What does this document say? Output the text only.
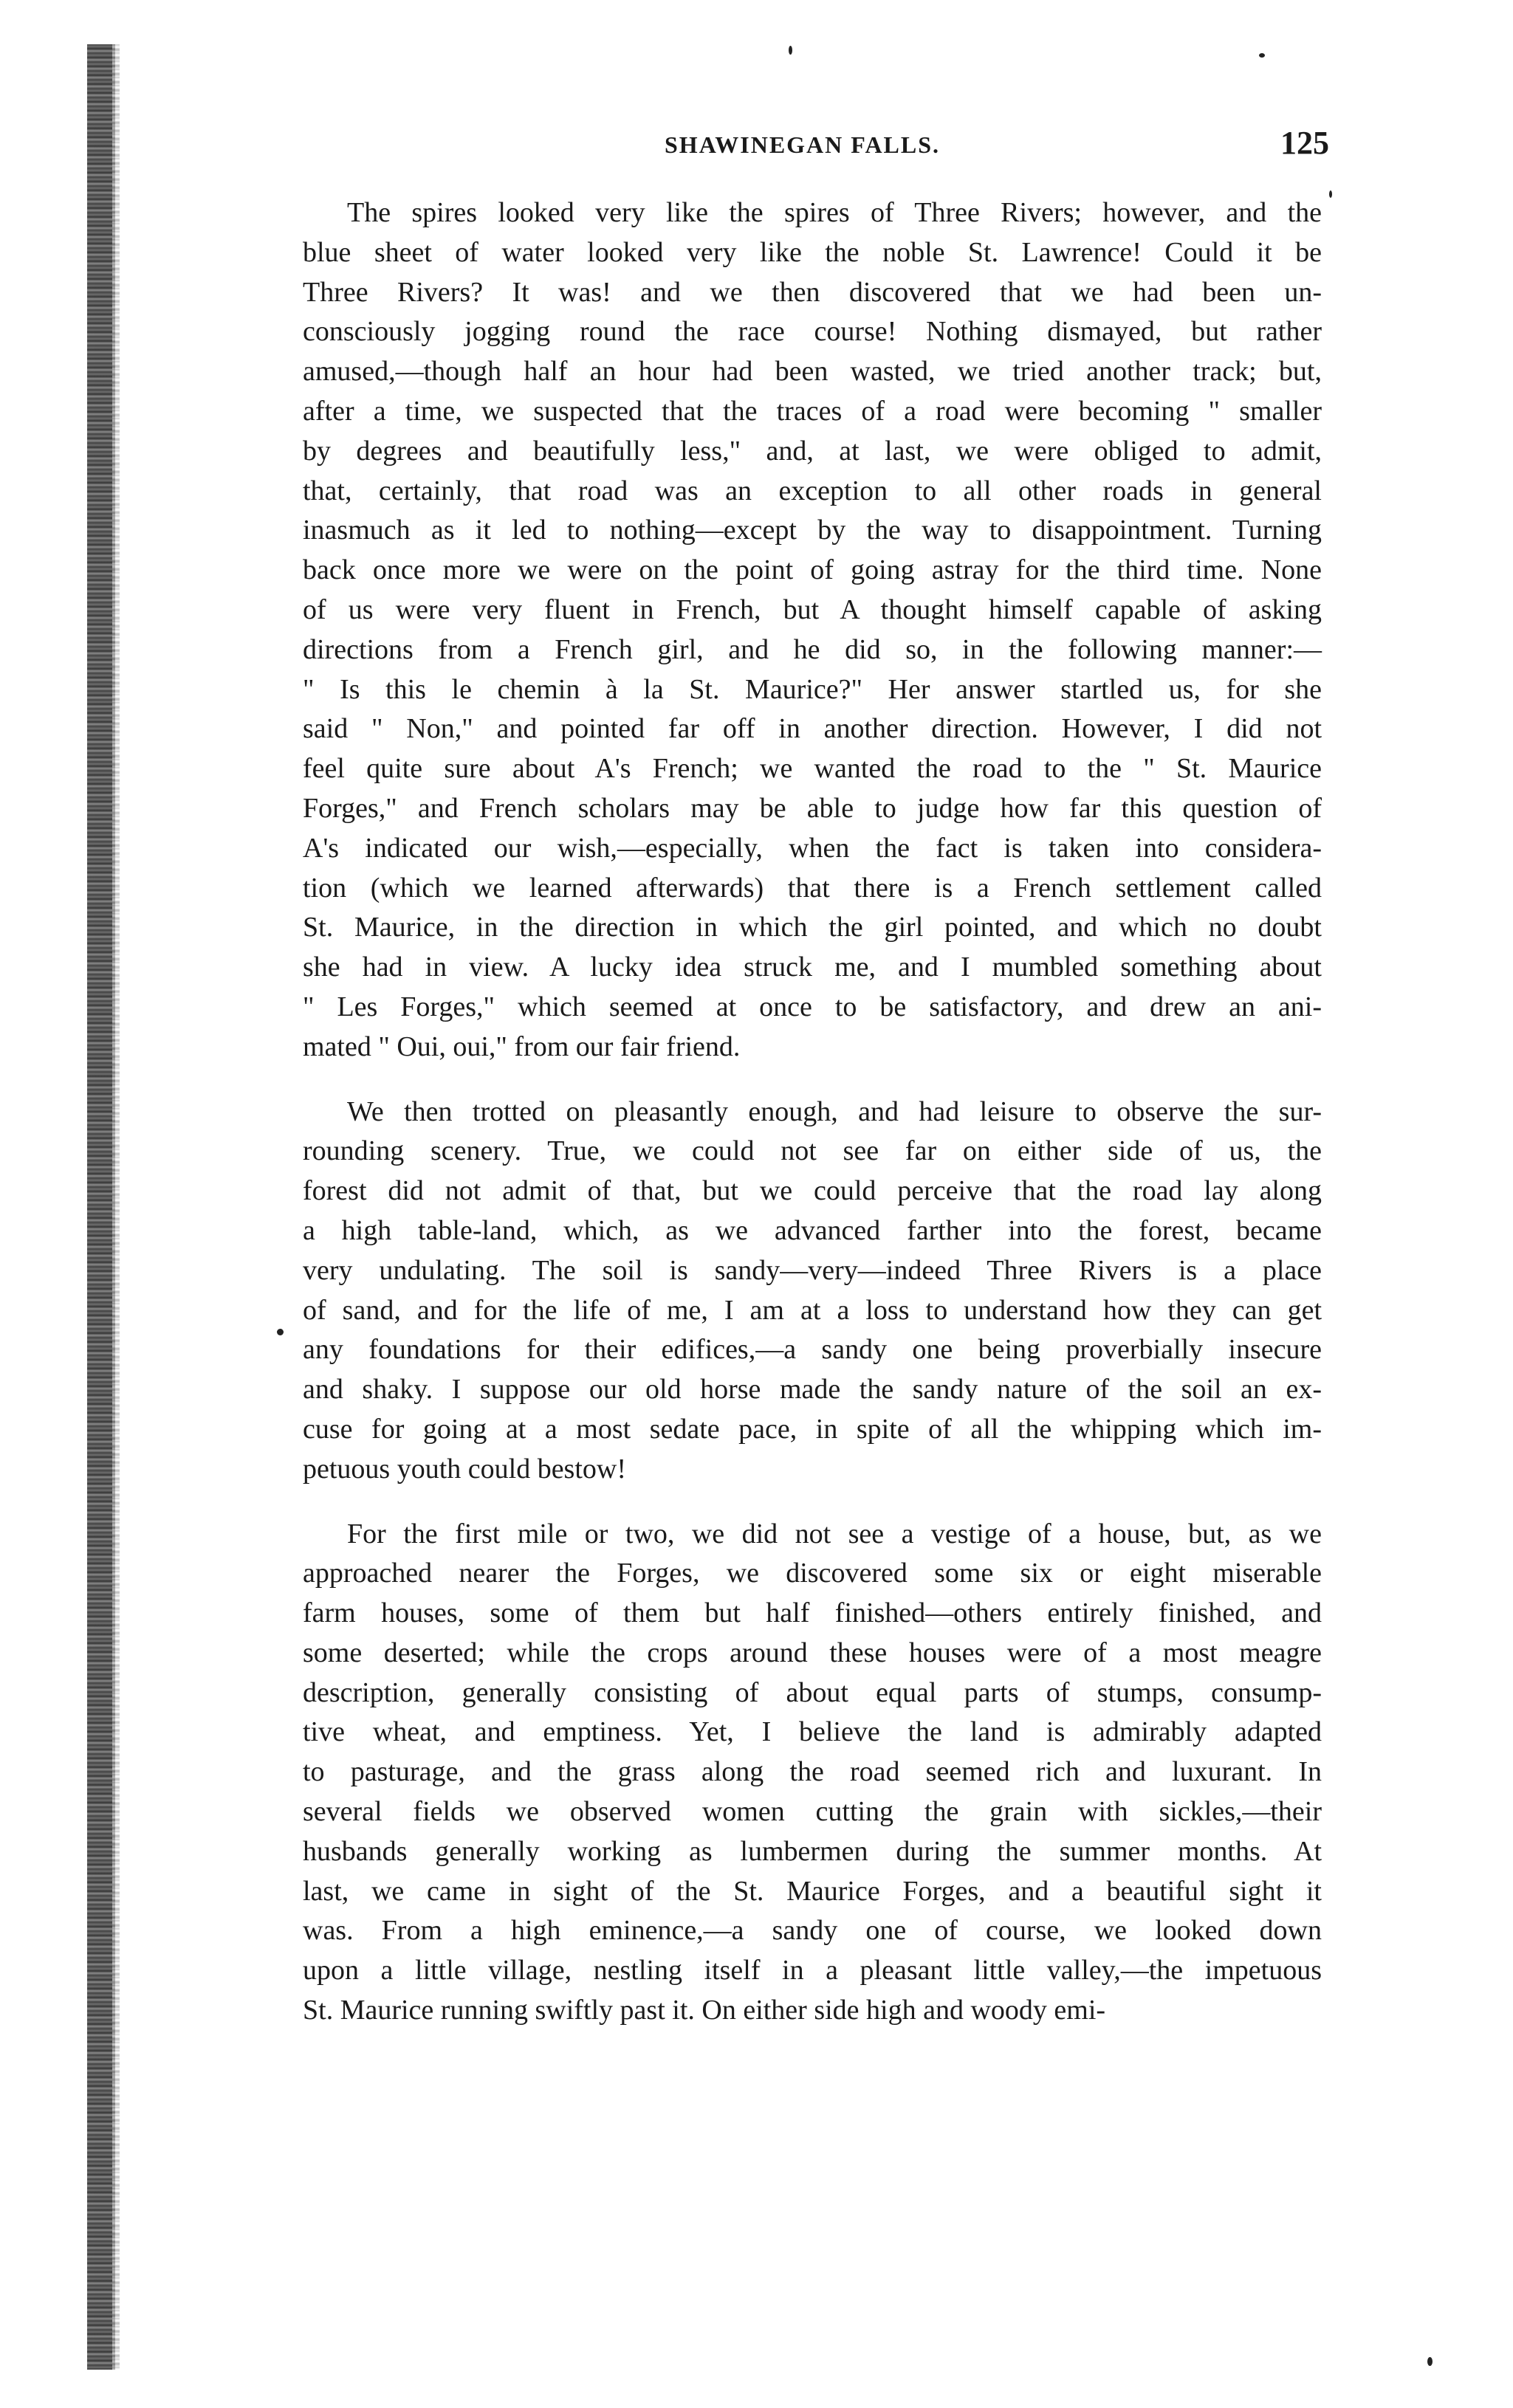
SHAWINEGAN FALLS.	125
The spires looked very like the spires of Three Rivers; however, and the
blue sheet of water looked very like the noble St. Lawrence! Could it be
Three Rivers? It was! and we then discovered that we had been un-
consciously jogging round the race course! Nothing dismayed, but rather
amused,—though half an hour had been wasted, we tried another track; but,
after a time, we suspected that the traces of a road were becoming " smaller
by degrees and beautifully less," and, at last, we were obliged to admit,
that, certainly, that road was an exception to all other roads in general
inasmuch as it led to nothing—except by the way to disappointment. Turning
back once more we were on the point of going astray for the third time. None
of us were very fluent in French, but A thought himself capable of asking
directions from a French girl, and he did so, in the following manner:—
" Is this le chemin à la St. Maurice?" Her answer startled us, for she
said " Non," and pointed far off in another direction. However, I did not
feel quite sure about A's French; we wanted the road to the " St. Maurice
Forges," and French scholars may be able to judge how far this question of
A's indicated our wish,—especially, when the fact is taken into considera-
tion (which we learned afterwards) that there is a French settlement called
St. Maurice, in the direction in which the girl pointed, and which no doubt
she had in view. A lucky idea struck me, and I mumbled something about
" Les Forges," which seemed at once to be satisfactory, and drew an ani-
mated " Oui, oui," from our fair friend.
We then trotted on pleasantly enough, and had leisure to observe the sur-
rounding scenery. True, we could not see far on either side of us, the
forest did not admit of that, but we could perceive that the road lay along
a high table-land, which, as we advanced farther into the forest, became
very undulating. The soil is sandy—very—indeed Three Rivers is a place
of sand, and for the life of me, I am at a loss to understand how they can get
any foundations for their edifices,—a sandy one being proverbially insecure
and shaky. I suppose our old horse made the sandy nature of the soil an ex-
cuse for going at a most sedate pace, in spite of all the whipping which im-
petuous youth could bestow!
For the first mile or two, we did not see a vestige of a house, but, as we
approached nearer the Forges, we discovered some six or eight miserable
farm houses, some of them but half finished—others entirely finished, and
some deserted; while the crops around these houses were of a most meagre
description, generally consisting of about equal parts of stumps, consump-
tive wheat, and emptiness. Yet, I believe the land is admirably adapted
to pasturage, and the grass along the road seemed rich and luxurant. In
several fields we observed women cutting the grain with sickles,—their
husbands generally working as lumbermen during the summer months. At
last, we came in sight of the St. Maurice Forges, and a beautiful sight it
was. From a high eminence,—a sandy one of course, we looked down
upon a little village, nestling itself in a pleasant little valley,—the impetuous
St. Maurice running swiftly past it. On either side high and woody emi-
